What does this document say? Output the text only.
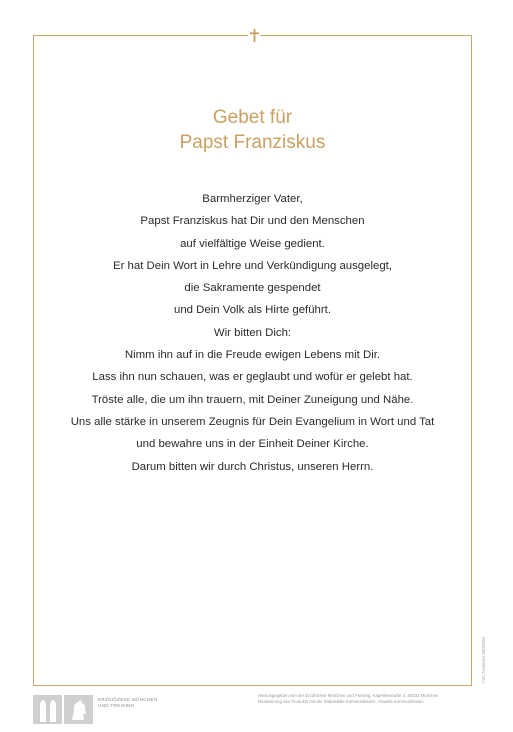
Gebet für
Papst Franziskus
Barmherziger Vater,
Papst Franziskus hat Dir und den Menschen
auf vielfältige Weise gedient.
Er hat Dein Wort in Lehre und Verkündigung ausgelegt,
die Sakramente gespendet
und Dein Volk als Hirte geführt.
Wir bitten Dich:
Nimm ihn auf in die Freude ewigen Lebens mit Dir.
Lass ihn nun schauen, was er geglaubt und wofür er gelebt hat.
Tröste alle, die um ihn trauern, mit Deiner Zuneigung und Nähe.
Uns alle stärke in unserem Zeugnis für Dein Evangelium in Wort und Tat
und bewahre uns in der Einheit Deiner Kirche.
Darum bitten wir durch Christus, unseren Herrn.
LVO Nummer 0000000
ERZDIÖZESE MÜNCHEN
UND FREISING
Herausgegeben von der Erzdiözese München und Freising, Kapellenstraße 4, 80333 München
Realisierung des Produkts mit der Stabsstelle Kommunikation, Visuelle Kommunikation
